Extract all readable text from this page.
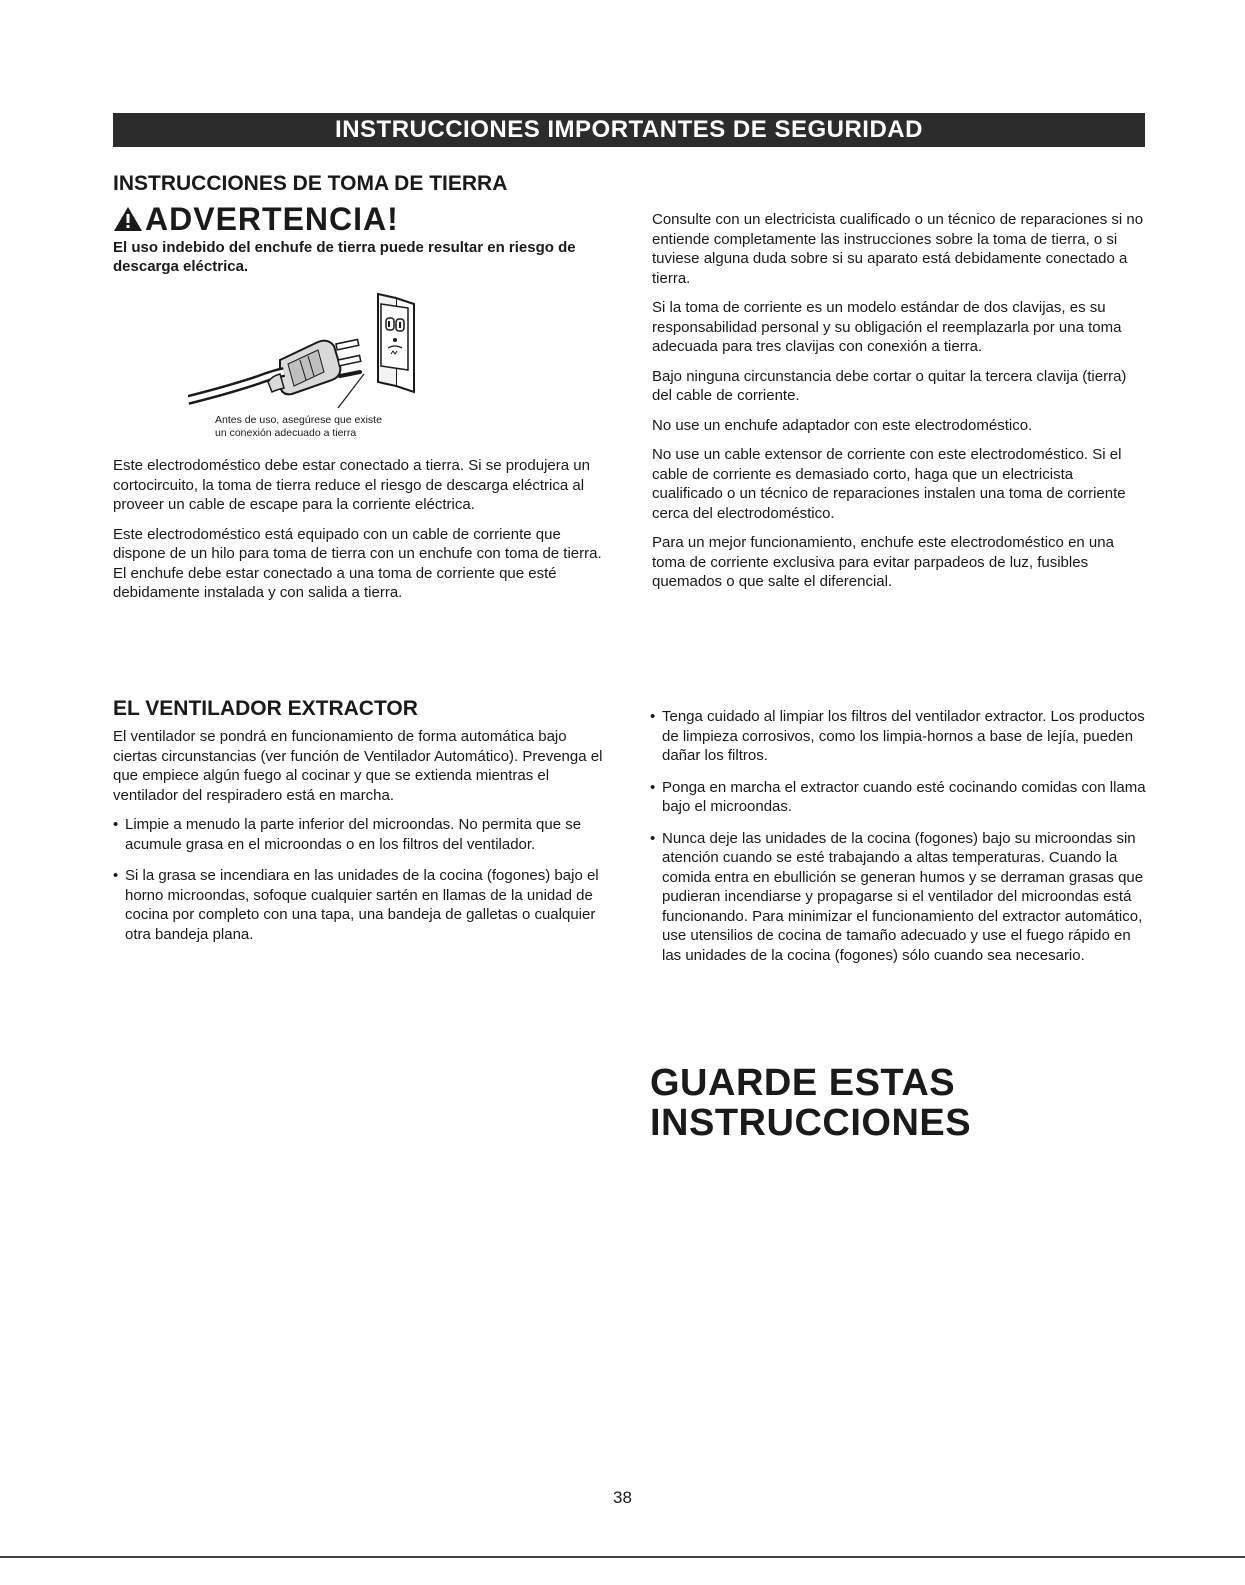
INSTRUCCIONES IMPORTANTES DE SEGURIDAD
INSTRUCCIONES DE TOMA DE TIERRA
ADVERTENCIA!

El uso indebido del enchufe de tierra puede resultar en riesgo de descarga eléctrica.

Antes de uso, asegúrese que existe
un conexión adecuado a tierra

Este electrodoméstico debe estar conectado a tierra. Si se produjera un cortocircuito, la toma de tierra reduce el riesgo de descarga eléctrica al proveer un cable de escape para la corriente eléctrica.

Este electrodoméstico está equipado con un cable de corriente que dispone de un hilo para toma de tierra con un enchufe con toma de tierra. El enchufe debe estar conectado a una toma de corriente que esté debidamente instalada y con salida a tierra.

Consulte con un electricista cualificado o un técnico de reparaciones si no entiende completamente las instrucciones sobre la toma de tierra, o si tuviese alguna duda sobre si su aparato está debidamente conectado a tierra.

Si la toma de corriente es un modelo estándar de dos clavijas, es su responsabilidad personal y su obligación el reemplazarla por una toma adecuada para tres clavijas con conexión a tierra.

Bajo ninguna circunstancia debe cortar o quitar la tercera clavija (tierra) del cable de corriente.

No use un enchufe adaptador con este electrodoméstico.

No use un cable extensor de corriente con este electrodoméstico. Si el cable de corriente es demasiado corto, haga que un electricista cualificado o un técnico de reparaciones instalen una toma de corriente cerca del electrodoméstico.

Para un mejor funcionamiento, enchufe este electrodoméstico en una toma de corriente exclusiva para evitar parpadeos de luz, fusibles quemados o que salte el diferencial.

EL VENTILADOR EXTRACTOR

El ventilador se pondrá en funcionamiento de forma automática bajo ciertas circunstancias (ver función de Ventilador Automático). Prevenga el que empiece algún fuego al cocinar y que se extienda mientras el ventilador del respiradero está en marcha.

• Limpie a menudo la parte inferior del microondas. No permita que se acumule grasa en el microondas o en los filtros del ventilador.
• Si la grasa se incendiara en las unidades de la cocina (fogones) bajo el horno microondas, sofoque cualquier sartén en llamas de la unidad de cocina por completo con una tapa, una bandeja de galletas o cualquier otra bandeja plana.
• Tenga cuidado al limpiar los filtros del ventilador extractor. Los productos de limpieza corrosivos, como los limpia-hornos a base de lejía, pueden dañar los filtros.
• Ponga en marcha el extractor cuando esté cocinando comidas con llama bajo el microondas.
• Nunca deje las unidades de la cocina (fogones) bajo su microondas sin atención cuando se esté trabajando a altas temperaturas. Cuando la comida entra en ebullición se generan humos y se derraman grasas que pudieran incendiarse y propagarse si el ventilador del microondas está funcionando. Para minimizar el funcionamiento del extractor automático, use utensilios de cocina de tamaño adecuado y use el fuego rápido en las unidades de la cocina (fogones) sólo cuando sea necesario.
GUARDE ESTAS
INSTRUCCIONES
38
